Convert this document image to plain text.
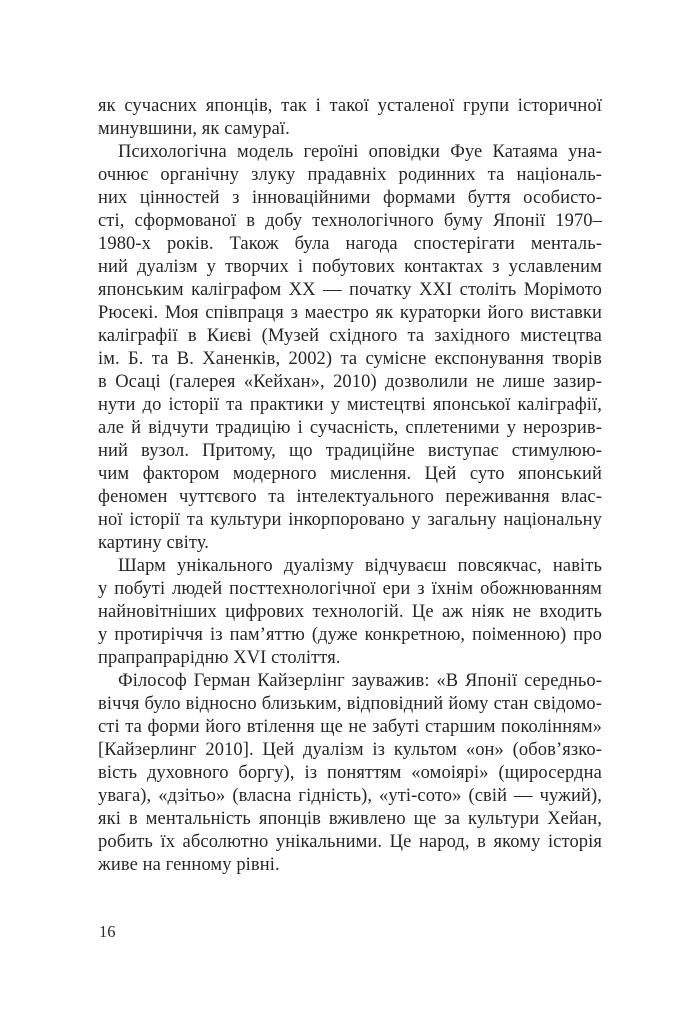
як сучасних японців, так і такої усталеної групи історичної
минувшини, як самураї.
Психологічна модель героїні оповідки Фуе Катаяма уна-
очнює органічну злуку прадавніх родинних та національ-
них цінностей з інноваційними формами буття особисто-
сті, сформованої в добу технологічного буму Японії 1970–
1980-х років. Також була нагода спостерігати менталь-
ний дуалізм у творчих і побутових контактах з уславленим
японським каліграфом XX — початку XXI століть Морімото
Рюсекі. Моя співпраця з маестро як кураторки його виставки
каліграфії в Києві (Музей східного та західного мистецтва
ім. Б. та В. Ханенків, 2002) та сумісне експонування творів
в Осаці (галерея «Кейхан», 2010) дозволили не лише зазир-
нути до історії та практики у мистецтві японської каліграфії,
але й відчути традицію і сучасність, сплетеними у нерозрив-
ний вузол. Притому, що традиційне виступає стимулюю-
чим фактором модерного мислення. Цей суто японський
феномен чуттєвого та інтелектуального переживання влас-
ної історії та культури інкорпоровано у загальну національну
картину світу.
Шарм унікального дуалізму відчуваєш повсякчас, навіть
у побуті людей посттехнологічної ери з їхнім обожнюванням
найновітніших цифрових технологій. Це аж ніяк не входить
у протиріччя із пам’яттю (дуже конкретною, поіменною) про
прапрапрарідню XVI століття.
Філософ Герман Кайзерлінг зауважив: «В Японії середньо-
віччя було відносно близьким, відповідний йому стан свідомо-
сті та форми його втілення ще не забуті старшим поколінням»
[Кайзерлинг 2010]. Цей дуалізм із культом «он» (обов’язко-
вість духовного боргу), із поняттям «омоіярі» (щиросердна
увага), «дзітьо» (власна гідність), «уті-сото» (свій — чужий),
які в ментальність японців вживлено ще за культури Хейан,
робить їх абсолютно унікальними. Це народ, в якому історія
живе на генному рівні.
16
